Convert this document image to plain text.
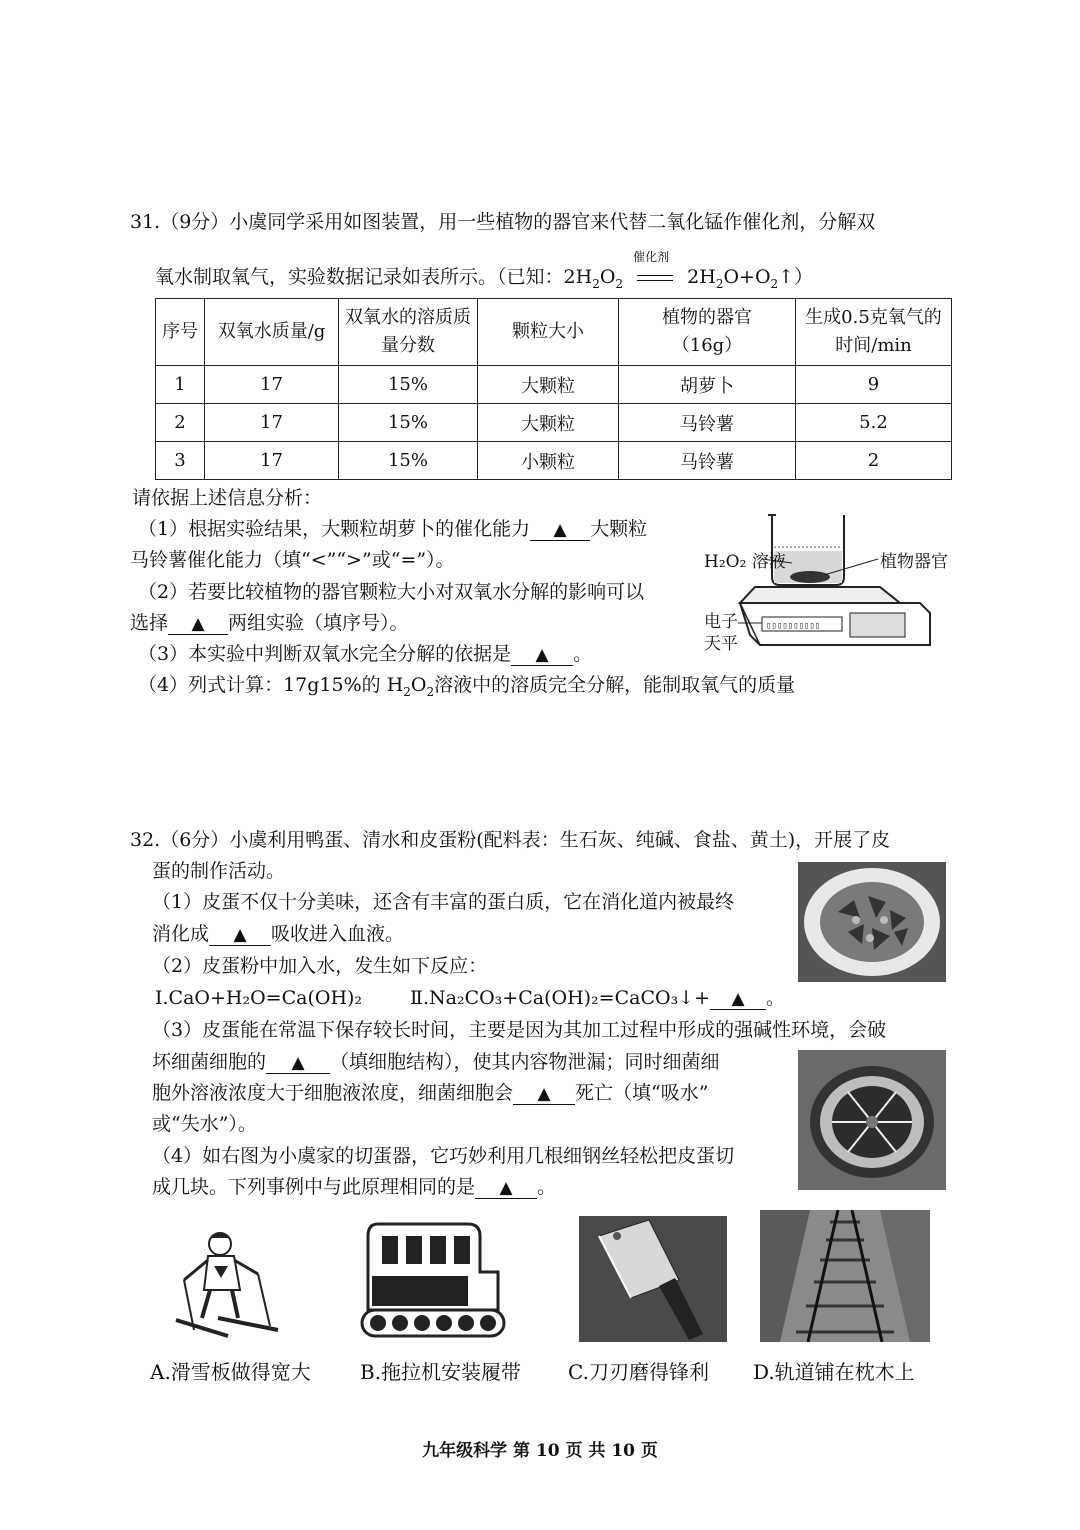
31.（9分）小虞同学采用如图装置，用一些植物的器官来代替二氧化锰作催化剂，分解双
氧水制取氧气，实验数据记录如表所示。（已知：$2H_2O_2$
催化剂
$2H_2O+O_2↑$）
序号	双氧水质量/g	双氧水的溶质质量分数	颗粒大小	植物的器官（16g）	生成0.5克氧气的时间/min
1	17	15%	大颗粒	胡萝卜	9
2	17	15%	大颗粒	马铃薯	5.2
3	17	15%	小颗粒	马铃薯	2
请依据上述信息分析：
（1）根据实验结果，大颗粒胡萝卜的催化能力 ▲ 大颗粒
马铃薯催化能力（填“<”“>”或“=”）。
（2）若要比较植物的器官颗粒大小对双氧水分解的影响可以
选择 ▲ 两组实验（填序号）。
（3）本实验中判断双氧水完全分解的依据是 ▲ 。
（4）列式计算：17g15%的 $H_2O_2$溶液中的溶质完全分解，能制取氧气的质量
▯▯▯▯▯▯▯▯▯▯
H₂O₂ 溶液	植物器官
电子
天平
32.（6分）小虞利用鸭蛋、清水和皮蛋粉(配料表：生石灰、纯碱、食盐、黄土)，开展了皮
蛋的制作活动。
（1）皮蛋不仅十分美味，还含有丰富的蛋白质，它在消化道内被最终
消化成 ▲ 吸收进入血液。
（2）皮蛋粉中加入水，发生如下反应：
Ⅰ.CaO+H₂O=Ca(OH)₂	Ⅱ.Na₂CO₃+Ca(OH)₂=CaCO₃↓+ ▲ 。
（3）皮蛋能在常温下保存较长时间，主要是因为其加工过程中形成的强碱性环境，会破
坏细菌细胞的 ▲ （填细胞结构），使其内容物泄漏；同时细菌细
胞外溶液浓度大于细胞液浓度，细菌细胞会 ▲ 死亡（填“吸水”
或“失水”）。
（4）如右图为小虞家的切蛋器，它巧妙利用几根细钢丝轻松把皮蛋切
成几块。下列事例中与此原理相同的是 ▲ 。
A.滑雪板做得宽大 B.拖拉机安装履带 C.刀刃磨得锋利 D.轨道铺在枕木上
九年级科学 第 10 页 共 10 页
